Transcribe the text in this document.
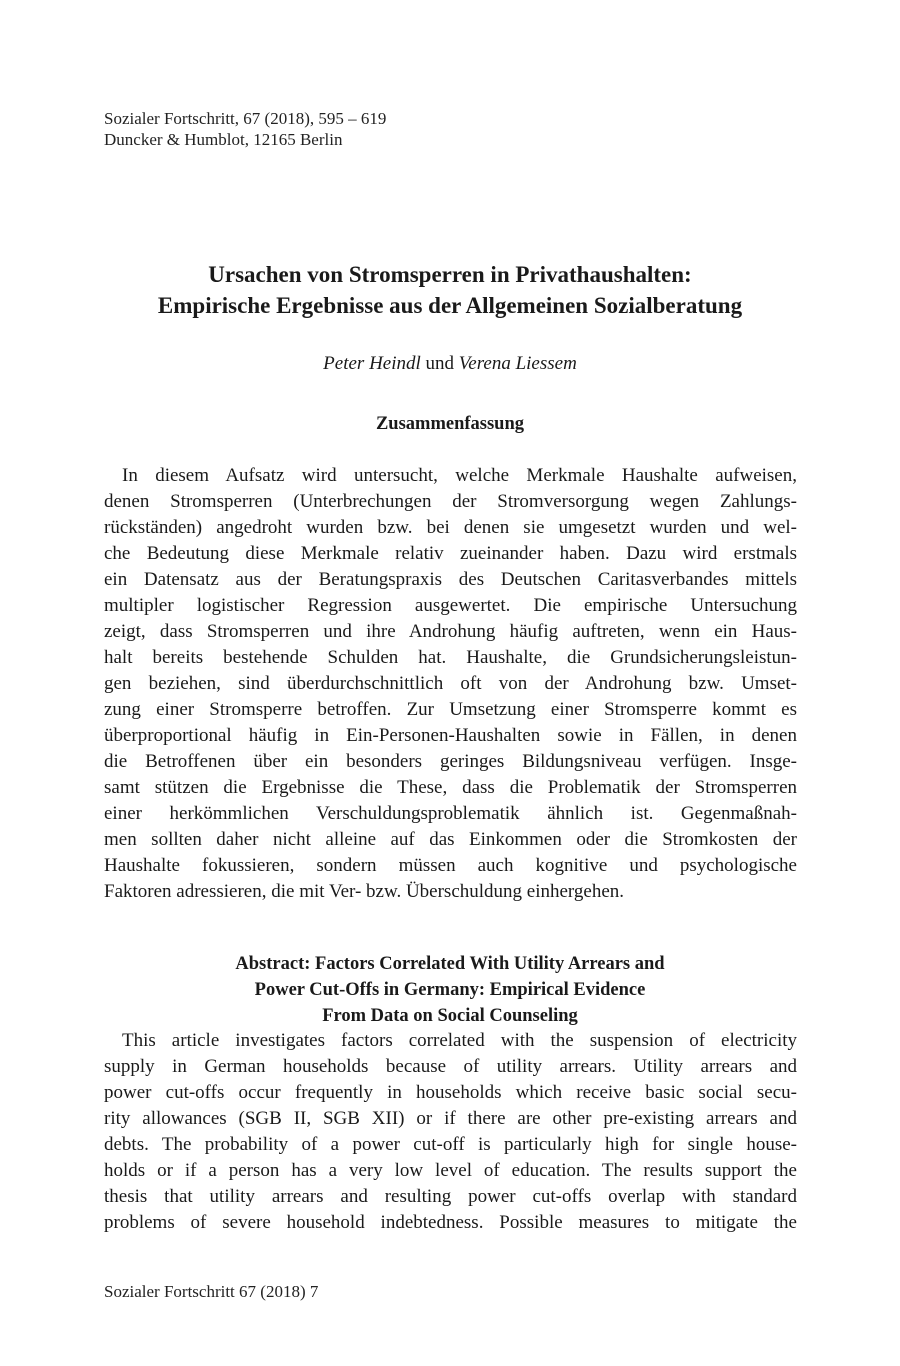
Sozialer Fortschritt, 67 (2018), 595 – 619
Duncker & Humblot, 12165 Berlin
Ursachen von Stromsperren in Privathaushalten:
Empirische Ergebnisse aus der Allgemeinen Sozialberatung
Peter Heindl und Verena Liessem
Zusammenfassung
In diesem Aufsatz wird untersucht, welche Merkmale Haushalte aufweisen,
denen Stromsperren (Unterbrechungen der Stromversorgung wegen Zahlungs-
rückständen) angedroht wurden bzw. bei denen sie umgesetzt wurden und wel-
che Bedeutung diese Merkmale relativ zueinander haben. Dazu wird erstmals
ein Datensatz aus der Beratungspraxis des Deutschen Caritasverbandes mittels
multipler logistischer Regression ausgewertet. Die empirische Untersuchung
zeigt, dass Stromsperren und ihre Androhung häufig auftreten, wenn ein Haus-
halt bereits bestehende Schulden hat. Haushalte, die Grundsicherungsleistun-
gen beziehen, sind überdurchschnittlich oft von der Androhung bzw. Umset-
zung einer Stromsperre betroffen. Zur Umsetzung einer Stromsperre kommt es
überproportional häufig in Ein-Personen-Haushalten sowie in Fällen, in denen
die Betroffenen über ein besonders geringes Bildungsniveau verfügen. Insge-
samt stützen die Ergebnisse die These, dass die Problematik der Stromsperren
einer herkömmlichen Verschuldungsproblematik ähnlich ist. Gegenmaßnah-
men sollten daher nicht alleine auf das Einkommen oder die Stromkosten der
Haushalte fokussieren, sondern müssen auch kognitive und psychologische
Faktoren adressieren, die mit Ver- bzw. Überschuldung einhergehen.
Abstract: Factors Correlated With Utility Arrears and
Power Cut-Offs in Germany: Empirical Evidence
From Data on Social Counseling
This article investigates factors correlated with the suspension of electricity
supply in German households because of utility arrears. Utility arrears and
power cut-offs occur frequently in households which receive basic social secu-
rity allowances (SGB II, SGB XII) or if there are other pre-existing arrears and
debts. The probability of a power cut-off is particularly high for single house-
holds or if a person has a very low level of education. The results support the
thesis that utility arrears and resulting power cut-offs overlap with standard
problems of severe household indebtedness. Possible measures to mitigate the
Sozialer Fortschritt 67 (2018) 7
